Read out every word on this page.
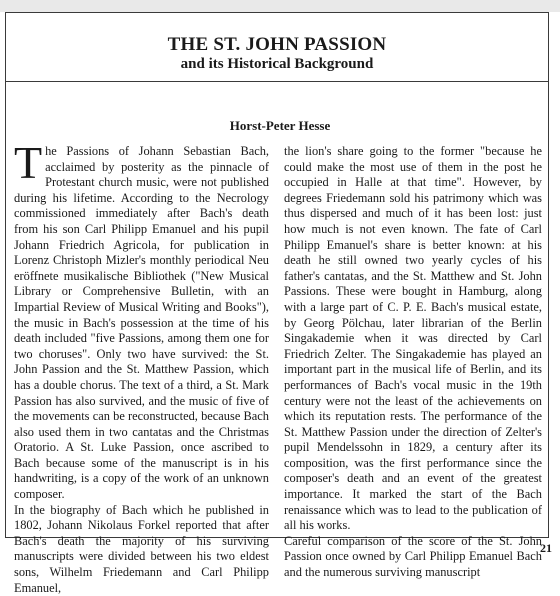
THE ST. JOHN PASSION
and its Historical Background
Horst-Peter Hesse

The Passions of Johann Sebastian Bach, acclaimed by posterity as the pinnacle of Protestant church music, were not published during his lifetime. According to the Necrology commissioned immediately after Bach's death from his son Carl Philipp Emanuel and his pupil Johann Friedrich Agricola, for publication in Lorenz Christoph Mizler's monthly periodical Neu eröffnete musikalische Bibliothek ("New Musical Library or Comprehensive Bulletin, with an Impartial Review of Musical Writing and Books"), the music in Bach's possession at the time of his death included "five Passions, among them one for two choruses". Only two have survived: the St. John Passion and the St. Matthew Passion, which has a double chorus. The text of a third, a St. Mark Passion has also survived, and the music of five of the movements can be reconstructed, because Bach also used them in two cantatas and the Christmas Oratorio. A St. Luke Passion, once ascribed to Bach because some of the manuscript is in his handwriting, is a copy of the work of an unknown composer.

In the biography of Bach which he published in 1802, Johann Nikolaus Forkel reported that after Bach's death the majority of his surviving manuscripts were divided between his two eldest sons, Wilhelm Friedemann and Carl Philipp Emanuel,

the lion's share going to the former "because he could make the most use of them in the post he occupied in Halle at that time". However, by degrees Friedemann sold his patrimony which was thus dispersed and much of it has been lost: just how much is not even known. The fate of Carl Philipp Emanuel's share is better known: at his death he still owned two yearly cycles of his father's cantatas, and the St. Matthew and St. John Passions. These were bought in Hamburg, along with a large part of C. P. E. Bach's musical estate, by Georg Pölchau, later librarian of the Berlin Singakademie when it was directed by Carl Friedrich Zelter. The Singakademie has played an important part in the musical life of Berlin, and its performances of Bach's vocal music in the 19th century were not the least of the achievements on which its reputation rests. The performance of the St. Matthew Passion under the direction of Zelter's pupil Mendelssohn in 1829, a century after its composition, was the first performance since the composer's death and an event of the greatest importance. It marked the start of the Bach renaissance which was to lead to the publication of all his works.

Careful comparison of the score of the St. John Passion once owned by Carl Philipp Emanuel Bach and the numerous surviving manuscript

21
